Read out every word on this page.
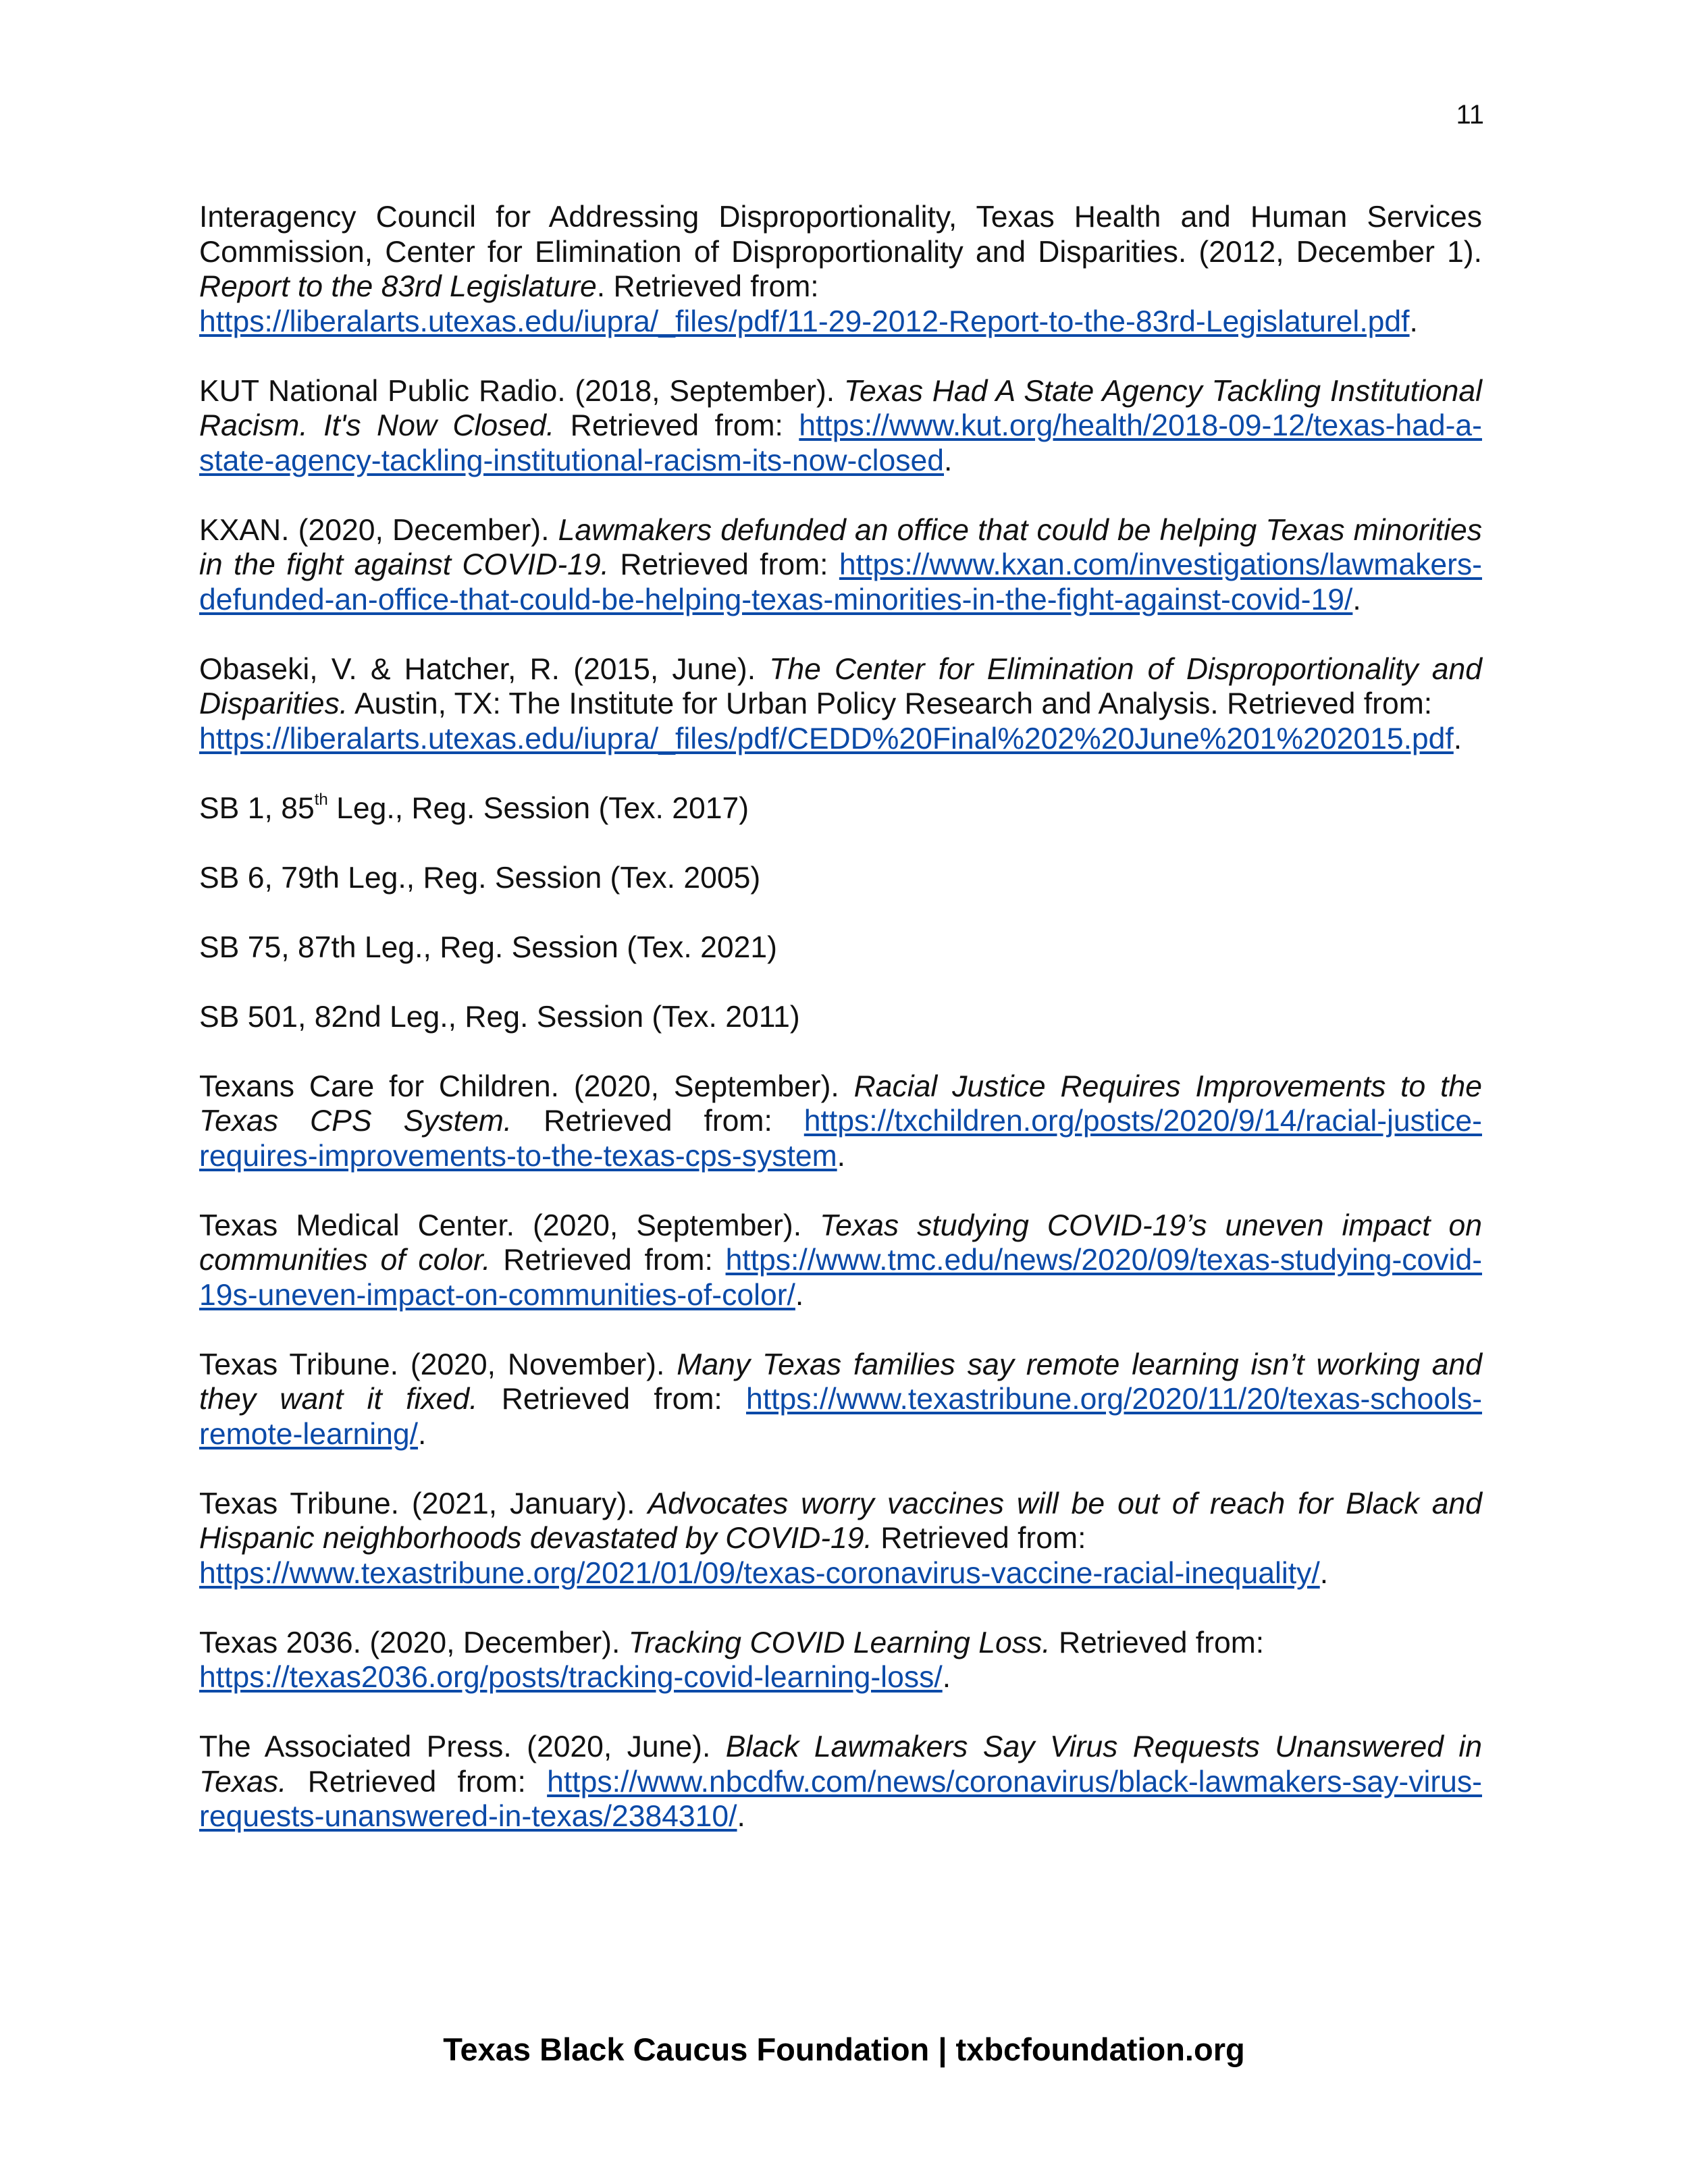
11

Interagency Council for Addressing Disproportionality, Texas Health and Human Services Commission, Center for Elimination of Disproportionality and Disparities. (2012, December 1). Report to the 83rd Legislature. Retrieved from:
https://liberalarts.utexas.edu/iupra/_files/pdf/11-29-2012-Report-to-the-83rd-Legislaturel.pdf.

KUT National Public Radio. (2018, September). Texas Had A State Agency Tackling Institutional Racism. It's Now Closed. Retrieved from: https://www.kut.org/health/2018-09-12/texas-had-a-state-agency-tackling-institutional-racism-its-now-closed.

KXAN. (2020, December). Lawmakers defunded an office that could be helping Texas minorities in the fight against COVID-19. Retrieved from: https://www.kxan.com/investigations/lawmakers-defunded-an-office-that-could-be-helping-texas-minorities-in-the-fight-against-covid-19/.

Obaseki, V. & Hatcher, R. (2015, June). The Center for Elimination of Disproportionality and Disparities. Austin, TX: The Institute for Urban Policy Research and Analysis. Retrieved from:
https://liberalarts.utexas.edu/iupra/_files/pdf/CEDD%20Final%202%20June%201%202015.pdf.

SB 1, 85th Leg., Reg. Session (Tex. 2017)

SB 6, 79th Leg., Reg. Session (Tex. 2005)

SB 75, 87th Leg., Reg. Session (Tex. 2021)

SB 501, 82nd Leg., Reg. Session (Tex. 2011)

Texans Care for Children. (2020, September). Racial Justice Requires Improvements to the Texas CPS System. Retrieved from: https://txchildren.org/posts/2020/9/14/racial-justice-requires-improvements-to-the-texas-cps-system.

Texas Medical Center. (2020, September). Texas studying COVID-19’s uneven impact on communities of color. Retrieved from: https://www.tmc.edu/news/2020/09/texas-studying-covid-19s-uneven-impact-on-communities-of-color/.

Texas Tribune. (2020, November). Many Texas families say remote learning isn’t working and they want it fixed. Retrieved from: https://www.texastribune.org/2020/11/20/texas-schools-remote-learning/.

Texas Tribune. (2021, January). Advocates worry vaccines will be out of reach for Black and Hispanic neighborhoods devastated by COVID-19. Retrieved from:
https://www.texastribune.org/2021/01/09/texas-coronavirus-vaccine-racial-inequality/.

Texas 2036. (2020, December). Tracking COVID Learning Loss. Retrieved from:
https://texas2036.org/posts/tracking-covid-learning-loss/.

The Associated Press. (2020, June). Black Lawmakers Say Virus Requests Unanswered in Texas. Retrieved from: https://www.nbcdfw.com/news/coronavirus/black-lawmakers-say-virus-requests-unanswered-in-texas/2384310/.

Texas Black Caucus Foundation | txbcfoundation.org
